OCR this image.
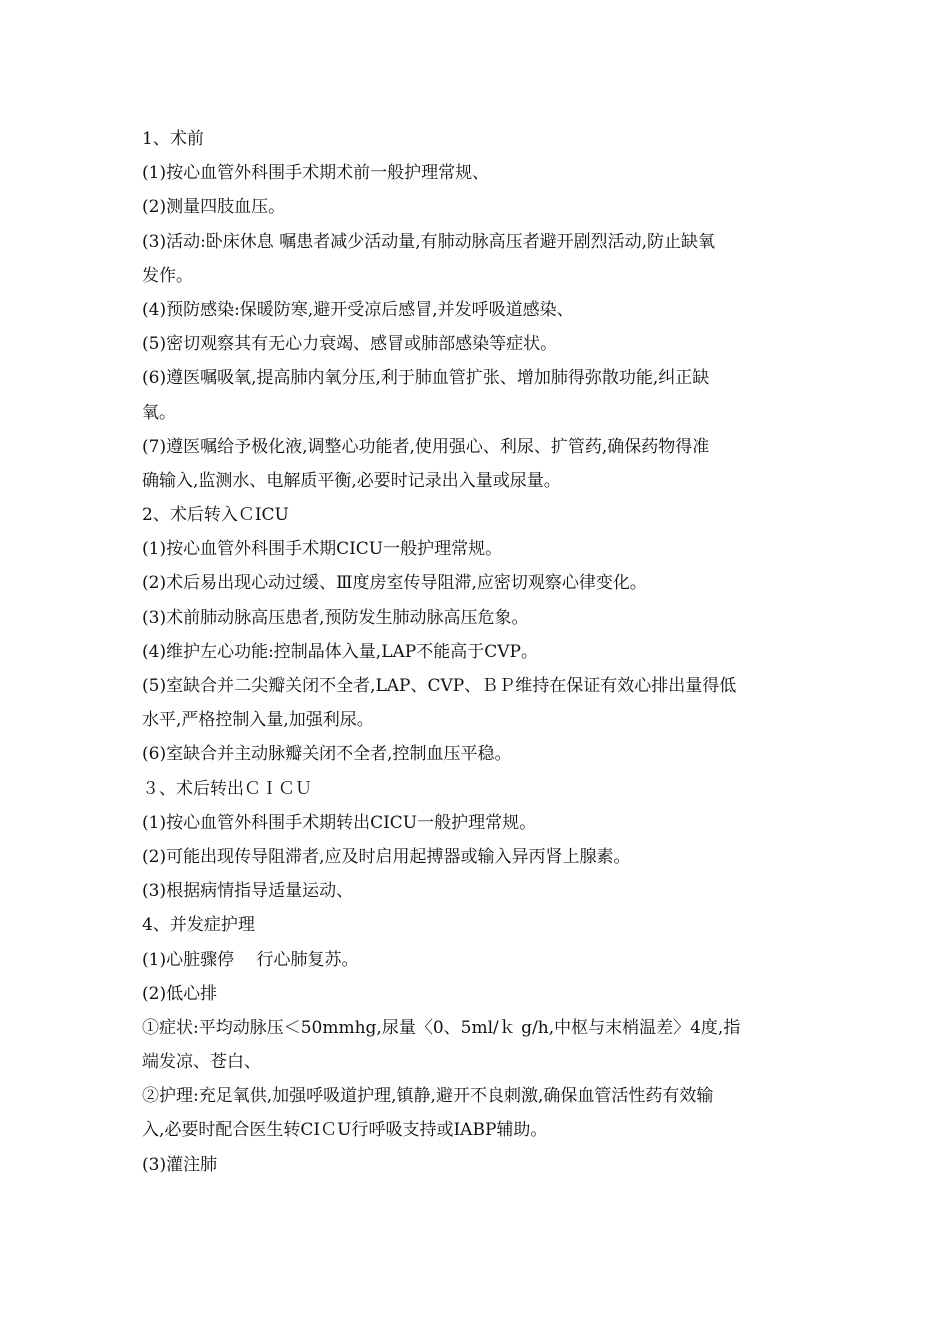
1、术前
(1)按心血管外科围手术期术前一般护理常规、
(2)测量四肢血压。
(3)活动:卧床休息 嘱患者减少活动量,有肺动脉高压者避开剧烈活动,防止缺氧
发作。
(4)预防感染:保暖防寒,避开受凉后感冒,并发呼吸道感染、
(5)密切观察其有无心力衰竭、感冒或肺部感染等症状。
(6)遵医嘱吸氧,提高肺内氧分压,利于肺血管扩张、增加肺得弥散功能,纠正缺
氧。
(7)遵医嘱给予极化液,调整心功能者,使用强心、利尿、扩管药,确保药物得准
确输入,监测水、电解质平衡,必要时记录出入量或尿量。
2、术后转入ＣICU
(1)按心血管外科围手术期CICU一般护理常规。
(2)术后易出现心动过缓、Ⅲ度房室传导阻滞,应密切观察心律变化。
(3)术前肺动脉高压患者,预防发生肺动脉高压危象。
(4)维护左心功能:控制晶体入量,LAP不能高于CVP。
(5)室缺合并二尖瓣关闭不全者,LAP、CVP、ＢＰ维持在保证有效心排出量得低
水平,严格控制入量,加强利尿。
(6)室缺合并主动脉瓣关闭不全者,控制血压平稳。
３、术后转出ＣＩＣＵ
(1)按心血管外科围手术期转出CICU一般护理常规。
(2)可能出现传导阻滞者,应及时启用起搏器或输入异丙肾上腺素。
(3)根据病情指导适量运动、
4、并发症护理
(1)心脏骤停　 行心肺复苏。
(2)低心排
①症状:平均动脉压＜50mmhg,尿量〈0、5ml/ｋ g/h,中枢与末梢温差〉4度,指
端发凉、苍白、
②护理:充足氧供,加强呼吸道护理,镇静,避开不良刺激,确保血管活性药有效输
入,必要时配合医生转CIＣU行呼吸支持或IABP辅助。
(3)灌注肺
